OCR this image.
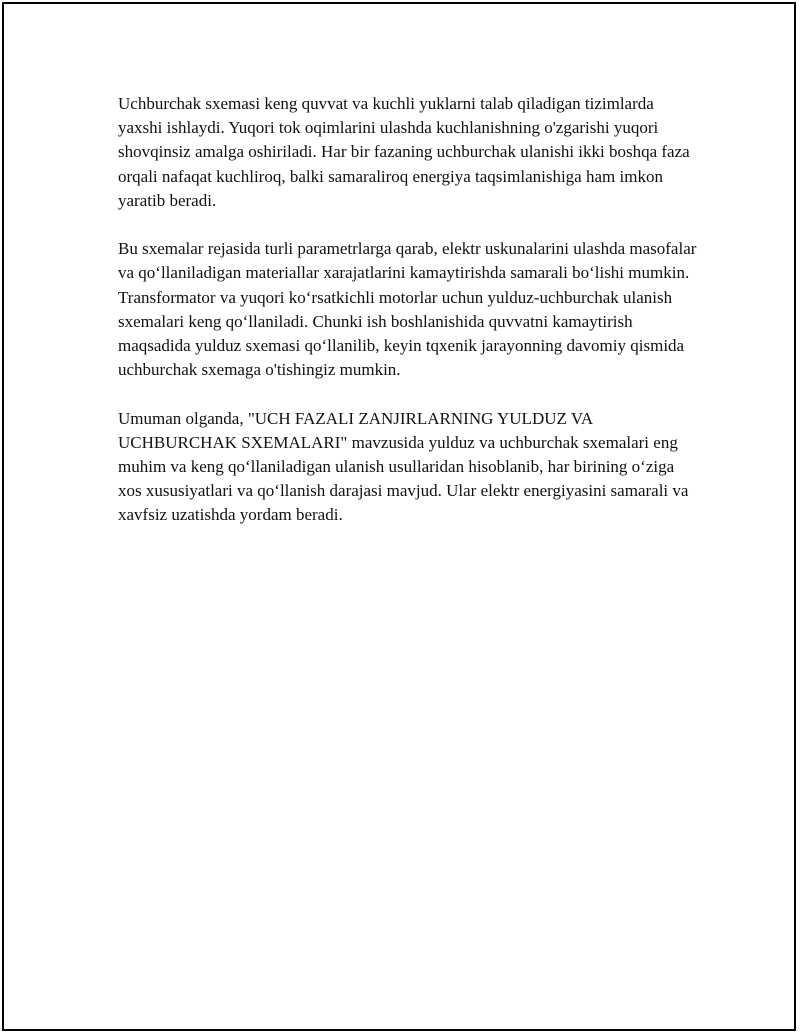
Uchburchak sxemasi keng quvvat va kuchli yuklarni talab qiladigan tizimlarda yaxshi ishlaydi. Yuqori tok oqimlarini ulashda kuchlanishning o'zgarishi yuqori shovqinsiz amalga oshiriladi. Har bir fazaning uchburchak ulanishi ikki boshqa faza orqali nafaqat kuchliroq, balki samaraliroq energiya taqsimlanishiga ham imkon yaratib beradi.

Bu sxemalar rejasida turli parametrlarga qarab, elektr uskunalarini ulashda masofalar va qo‘llaniladigan materiallar xarajatlarini kamaytirishda samarali bo‘lishi mumkin. Transformator va yuqori ko‘rsatkichli motorlar uchun yulduz-uchburchak ulanish sxemalari keng qo‘llaniladi. Chunki ish boshlanishida quvvatni kamaytirish maqsadida yulduz sxemasi qo‘llanilib, keyin tqxenik jarayonning davomiy qismida uchburchak sxemaga o'tishingiz mumkin.

Umuman olganda, "UCH FAZALI ZANJIRLARNING YULDUZ VA UCHBURCHAK SXEMALARI" mavzusida yulduz va uchburchak sxemalari eng muhim va keng qo‘llaniladigan ulanish usullaridan hisoblanib, har birining o‘ziga xos xususiyatlari va qo‘llanish darajasi mavjud. Ular elektr energiyasini samarali va xavfsiz uzatishda yordam beradi.
